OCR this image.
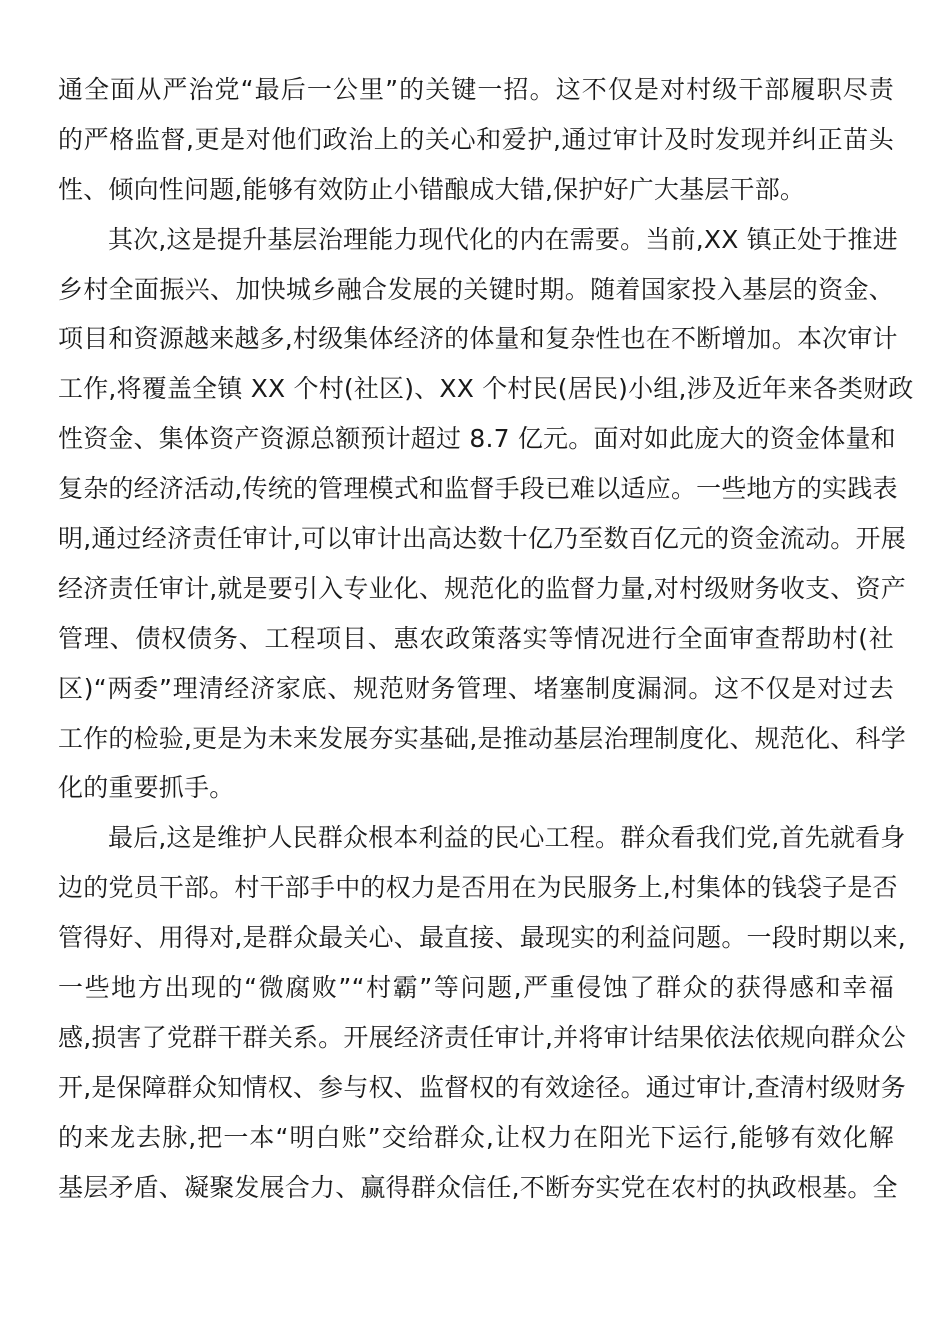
通全面从严治党“最后一公里”的关键一招。这不仅是对村级干部履职尽责
的严格监督,更是对他们政治上的关心和爱护,通过审计及时发现并纠正苗头
性、倾向性问题,能够有效防止小错酿成大错,保护好广大基层干部。
其次,这是提升基层治理能力现代化的内在需要。当前,XX 镇正处于推进
乡村全面振兴、加快城乡融合发展的关键时期。随着国家投入基层的资金、
项目和资源越来越多,村级集体经济的体量和复杂性也在不断增加。本次审计
工作,将覆盖全镇 XX 个村(社区)、XX 个村民(居民)小组,涉及近年来各类财政
性资金、集体资产资源总额预计超过 8.7 亿元。面对如此庞大的资金体量和
复杂的经济活动,传统的管理模式和监督手段已难以适应。一些地方的实践表
明,通过经济责任审计,可以审计出高达数十亿乃至数百亿元的资金流动。开展
经济责任审计,就是要引入专业化、规范化的监督力量,对村级财务收支、资产
管理、债权债务、工程项目、惠农政策落实等情况进行全面审查帮助村(社
区)“两委”理清经济家底、规范财务管理、堵塞制度漏洞。这不仅是对过去
工作的检验,更是为未来发展夯实基础,是推动基层治理制度化、规范化、科学
化的重要抓手。
最后,这是维护人民群众根本利益的民心工程。群众看我们党,首先就看身
边的党员干部。村干部手中的权力是否用在为民服务上,村集体的钱袋子是否
管得好、用得对,是群众最关心、最直接、最现实的利益问题。一段时期以来,
一些地方出现的“微腐败”“村霸”等问题,严重侵蚀了群众的获得感和幸福
感,损害了党群干群关系。开展经济责任审计,并将审计结果依法依规向群众公
开,是保障群众知情权、参与权、监督权的有效途径。通过审计,查清村级财务
的来龙去脉,把一本“明白账”交给群众,让权力在阳光下运行,能够有效化解
基层矛盾、凝聚发展合力、赢得群众信任,不断夯实党在农村的执政根基。全
